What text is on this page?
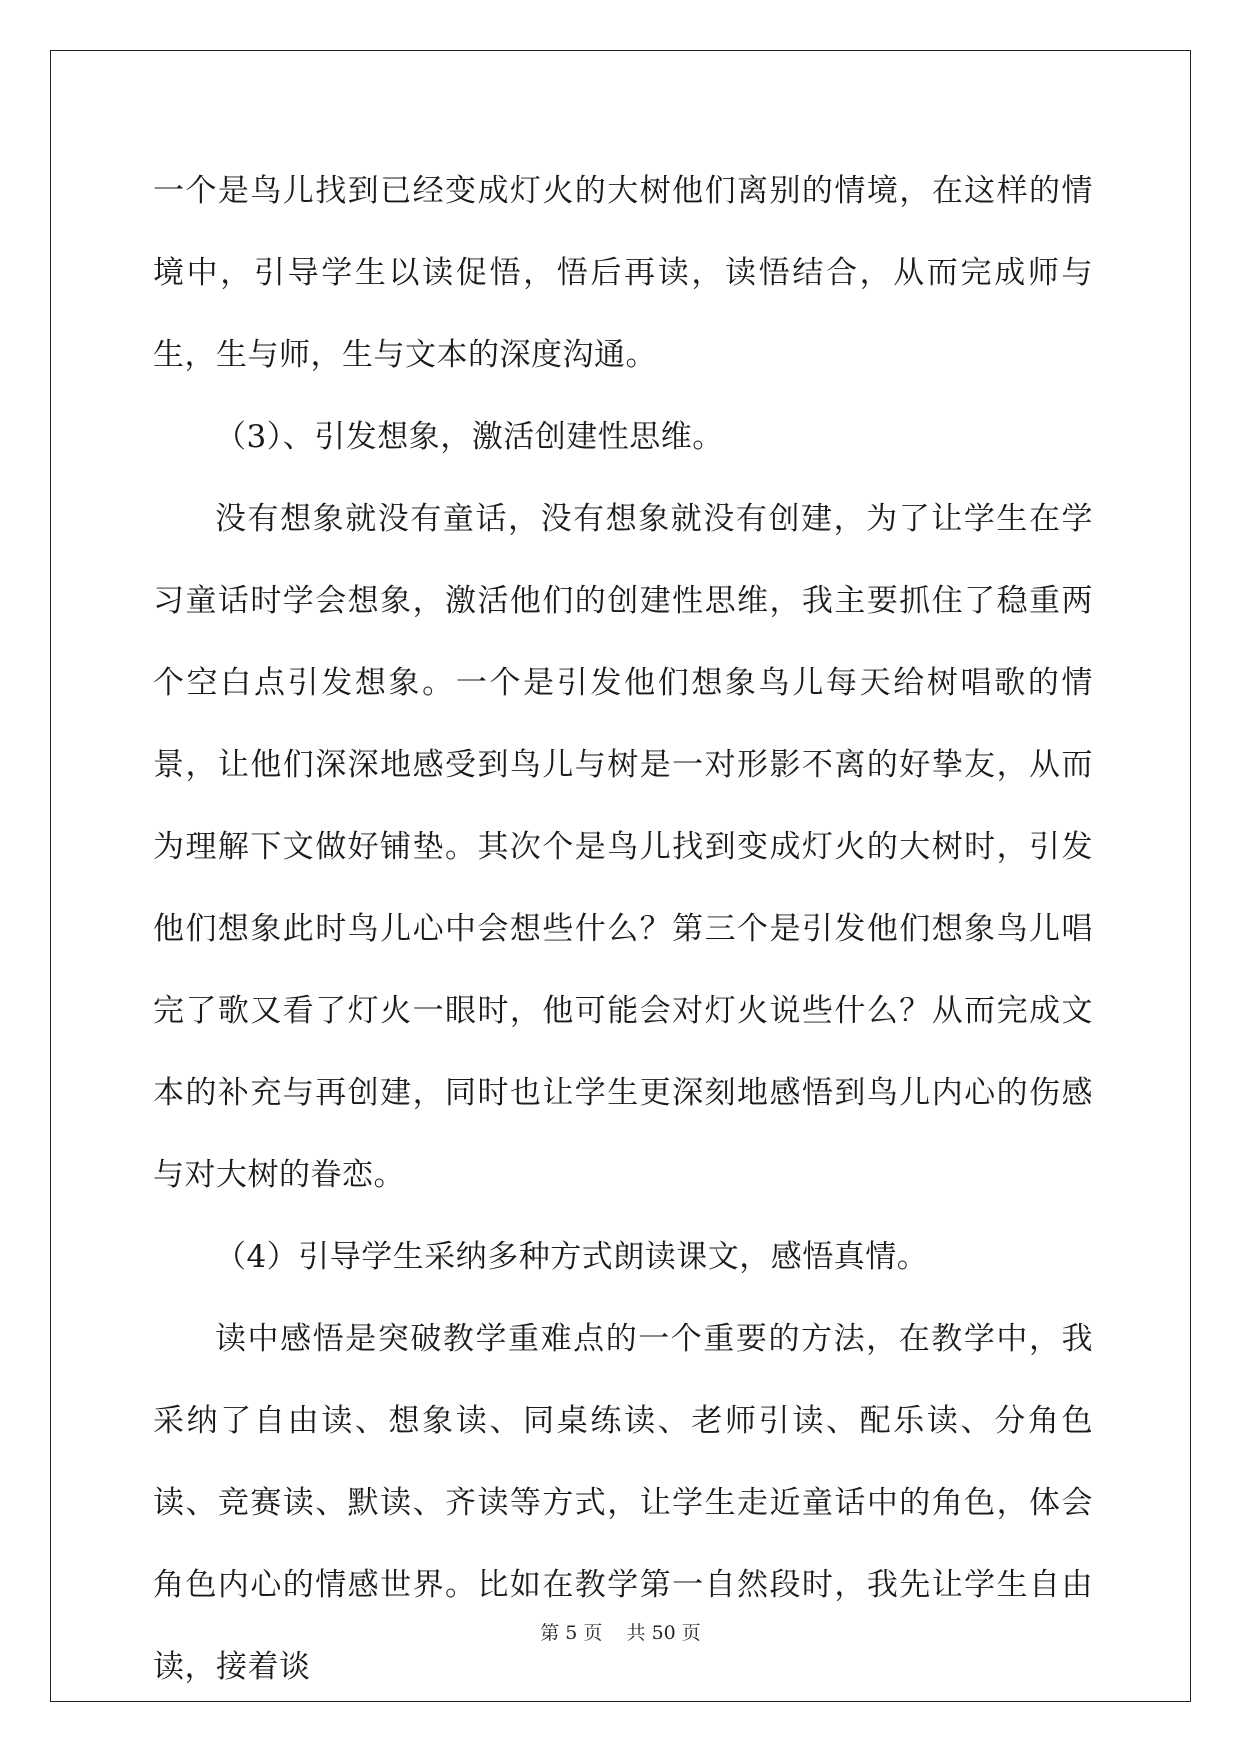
一个是鸟儿找到已经变成灯火的大树他们离别的情境，在这样的情境中，引导学生以读促悟，悟后再读，读悟结合，从而完成师与生，生与师，生与文本的深度沟通。

（3）、引发想象，激活创建性思维。

没有想象就没有童话，没有想象就没有创建，为了让学生在学习童话时学会想象，激活他们的创建性思维，我主要抓住了稳重两个空白点引发想象。一个是引发他们想象鸟儿每天给树唱歌的情景，让他们深深地感受到鸟儿与树是一对形影不离的好挚友，从而为理解下文做好铺垫。其次个是鸟儿找到变成灯火的大树时，引发他们想象此时鸟儿心中会想些什么？第三个是引发他们想象鸟儿唱完了歌又看了灯火一眼时，他可能会对灯火说些什么？从而完成文本的补充与再创建，同时也让学生更深刻地感悟到鸟儿内心的伤感与对大树的眷恋。

（4）引导学生采纳多种方式朗读课文，感悟真情。

读中感悟是突破教学重难点的一个重要的方法，在教学中，我采纳了自由读、想象读、同桌练读、老师引读、配乐读、分角色读、竞赛读、默读、齐读等方式，让学生走近童话中的角色，体会角色内心的情感世界。比如在教学第一自然段时，我先让学生自由读，接着谈

第 5 页    共 50 页
